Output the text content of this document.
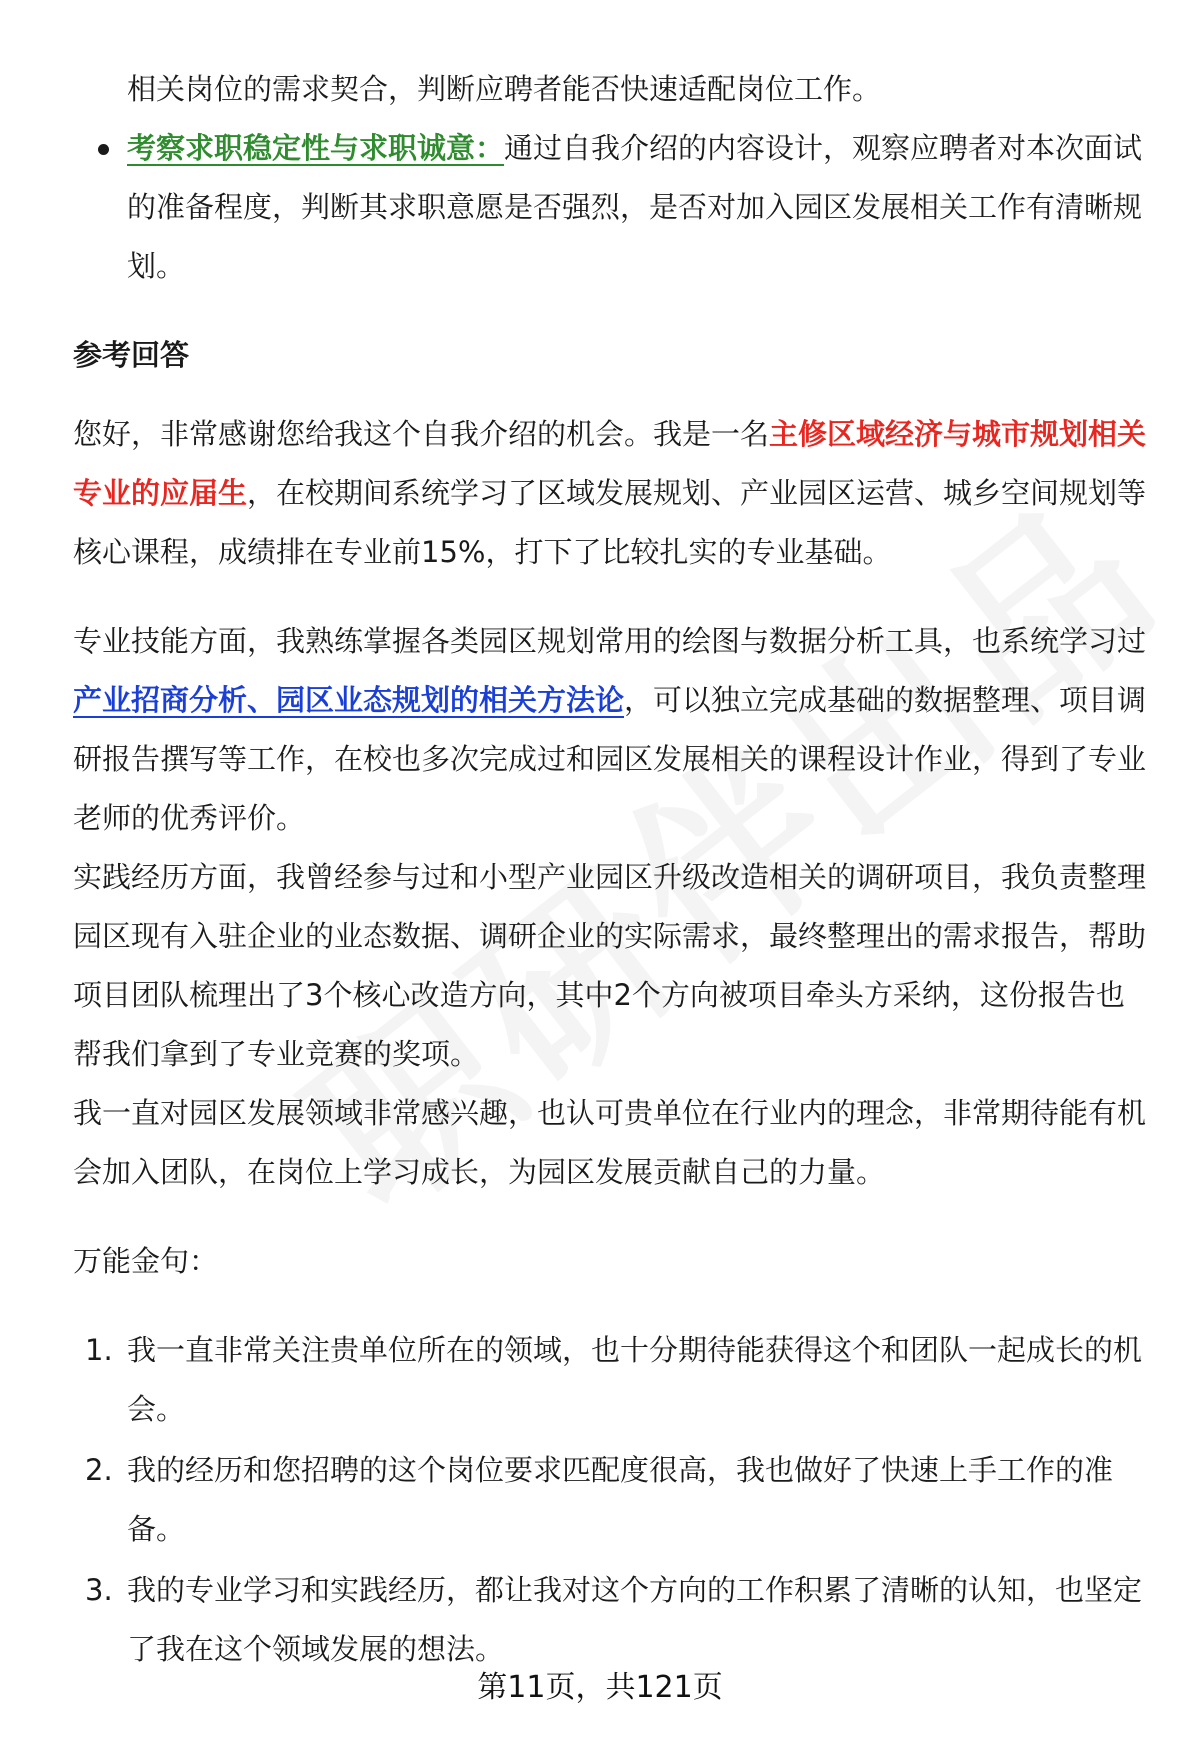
相关岗位的需求契合，判断应聘者能否快速适配岗位工作。
考察求职稳定性与求职诚意：通过自我介绍的内容设计，观察应聘者对本次面试的准备程度，判断其求职意愿是否强烈，是否对加入园区发展相关工作有清晰规划。
参考回答

您好，非常感谢您给我这个自我介绍的机会。我是一名主修区域经济与城市规划相关专业的应届生，在校期间系统学习了区域发展规划、产业园区运营、城乡空间规划等核心课程，成绩排在专业前15%，打下了比较扎实的专业基础。

专业技能方面，我熟练掌握各类园区规划常用的绘图与数据分析工具，也系统学习过产业招商分析、园区业态规划的相关方法论，可以独立完成基础的数据整理、项目调研报告撰写等工作，在校也多次完成过和园区发展相关的课程设计作业，得到了专业老师的优秀评价。

实践经历方面，我曾经参与过和小型产业园区升级改造相关的调研项目，我负责整理园区现有入驻企业的业态数据、调研企业的实际需求，最终整理出的需求报告，帮助项目团队梳理出了3个核心改造方向，其中2个方向被项目牵头方采纳，这份报告也帮我们拿到了专业竞赛的奖项。

我一直对园区发展领域非常感兴趣，也认可贵单位在行业内的理念，非常期待能有机会加入团队，在岗位上学习成长，为园区发展贡献自己的力量。

万能金句：
1. 我一直非常关注贵单位所在的领域，也十分期待能获得这个和团队一起成长的机会。
2. 我的经历和您招聘的这个岗位要求匹配度很高，我也做好了快速上手工作的准备。
3. 我的专业学习和实践经历，都让我对这个方向的工作积累了清晰的认知，也坚定了我在这个领域发展的想法。
第11页，共121页
